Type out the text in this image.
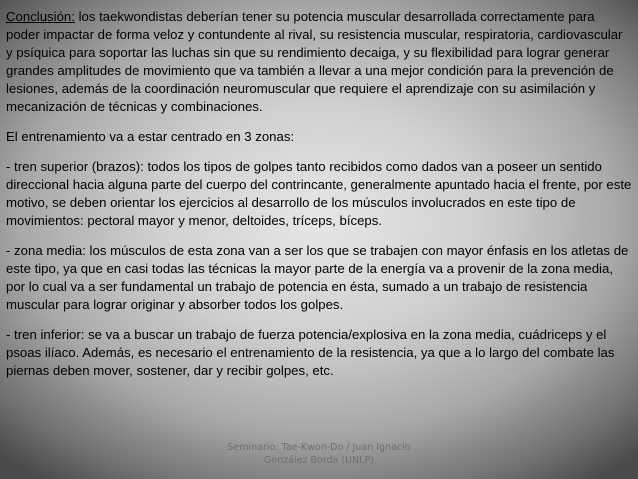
Conclusión: los taekwondistas deberían tener su potencia muscular desarrollada correctamente para poder impactar de forma veloz y contundente al rival, su resistencia muscular, respiratoria, cardiovascular y psíquica para soportar las luchas sin que su rendimiento decaiga, y su flexibilidad para lograr generar grandes amplitudes de movimiento que va también a llevar a una mejor condición para la prevención de lesiones, además de la coordinación neuromuscular que requiere el aprendizaje con su asimilación y mecanización de técnicas y combinaciones.

El entrenamiento va a estar centrado en 3 zonas:

- tren superior (brazos): todos los tipos de golpes tanto recibidos como dados van a poseer un sentido direccional hacia alguna parte del cuerpo del contrincante, generalmente apuntado hacia el frente, por este motivo, se deben orientar los ejercicios al desarrollo de los músculos involucrados en este tipo de movimientos: pectoral mayor y menor, deltoides, tríceps, bíceps.

- zona media: los músculos de esta zona van a ser los que se trabajen con mayor énfasis en los atletas de este tipo, ya que en casi todas las técnicas la mayor parte de la energía va a provenir de la zona media, por lo cual va a ser fundamental un trabajo de potencia en ésta, sumado a un trabajo de resistencia muscular para lograr originar y absorber todos los golpes.

- tren inferior: se va a buscar un trabajo de fuerza potencia/explosiva en la zona media, cuádriceps y el psoas ilíaco. Además, es necesario el entrenamiento de la resistencia, ya que a lo largo del combate las piernas deben mover, sostener, dar y recibir golpes, etc.

Seminario: Tae-Kwon-Do / Juan Ignacio
González Borda (UNLP)
